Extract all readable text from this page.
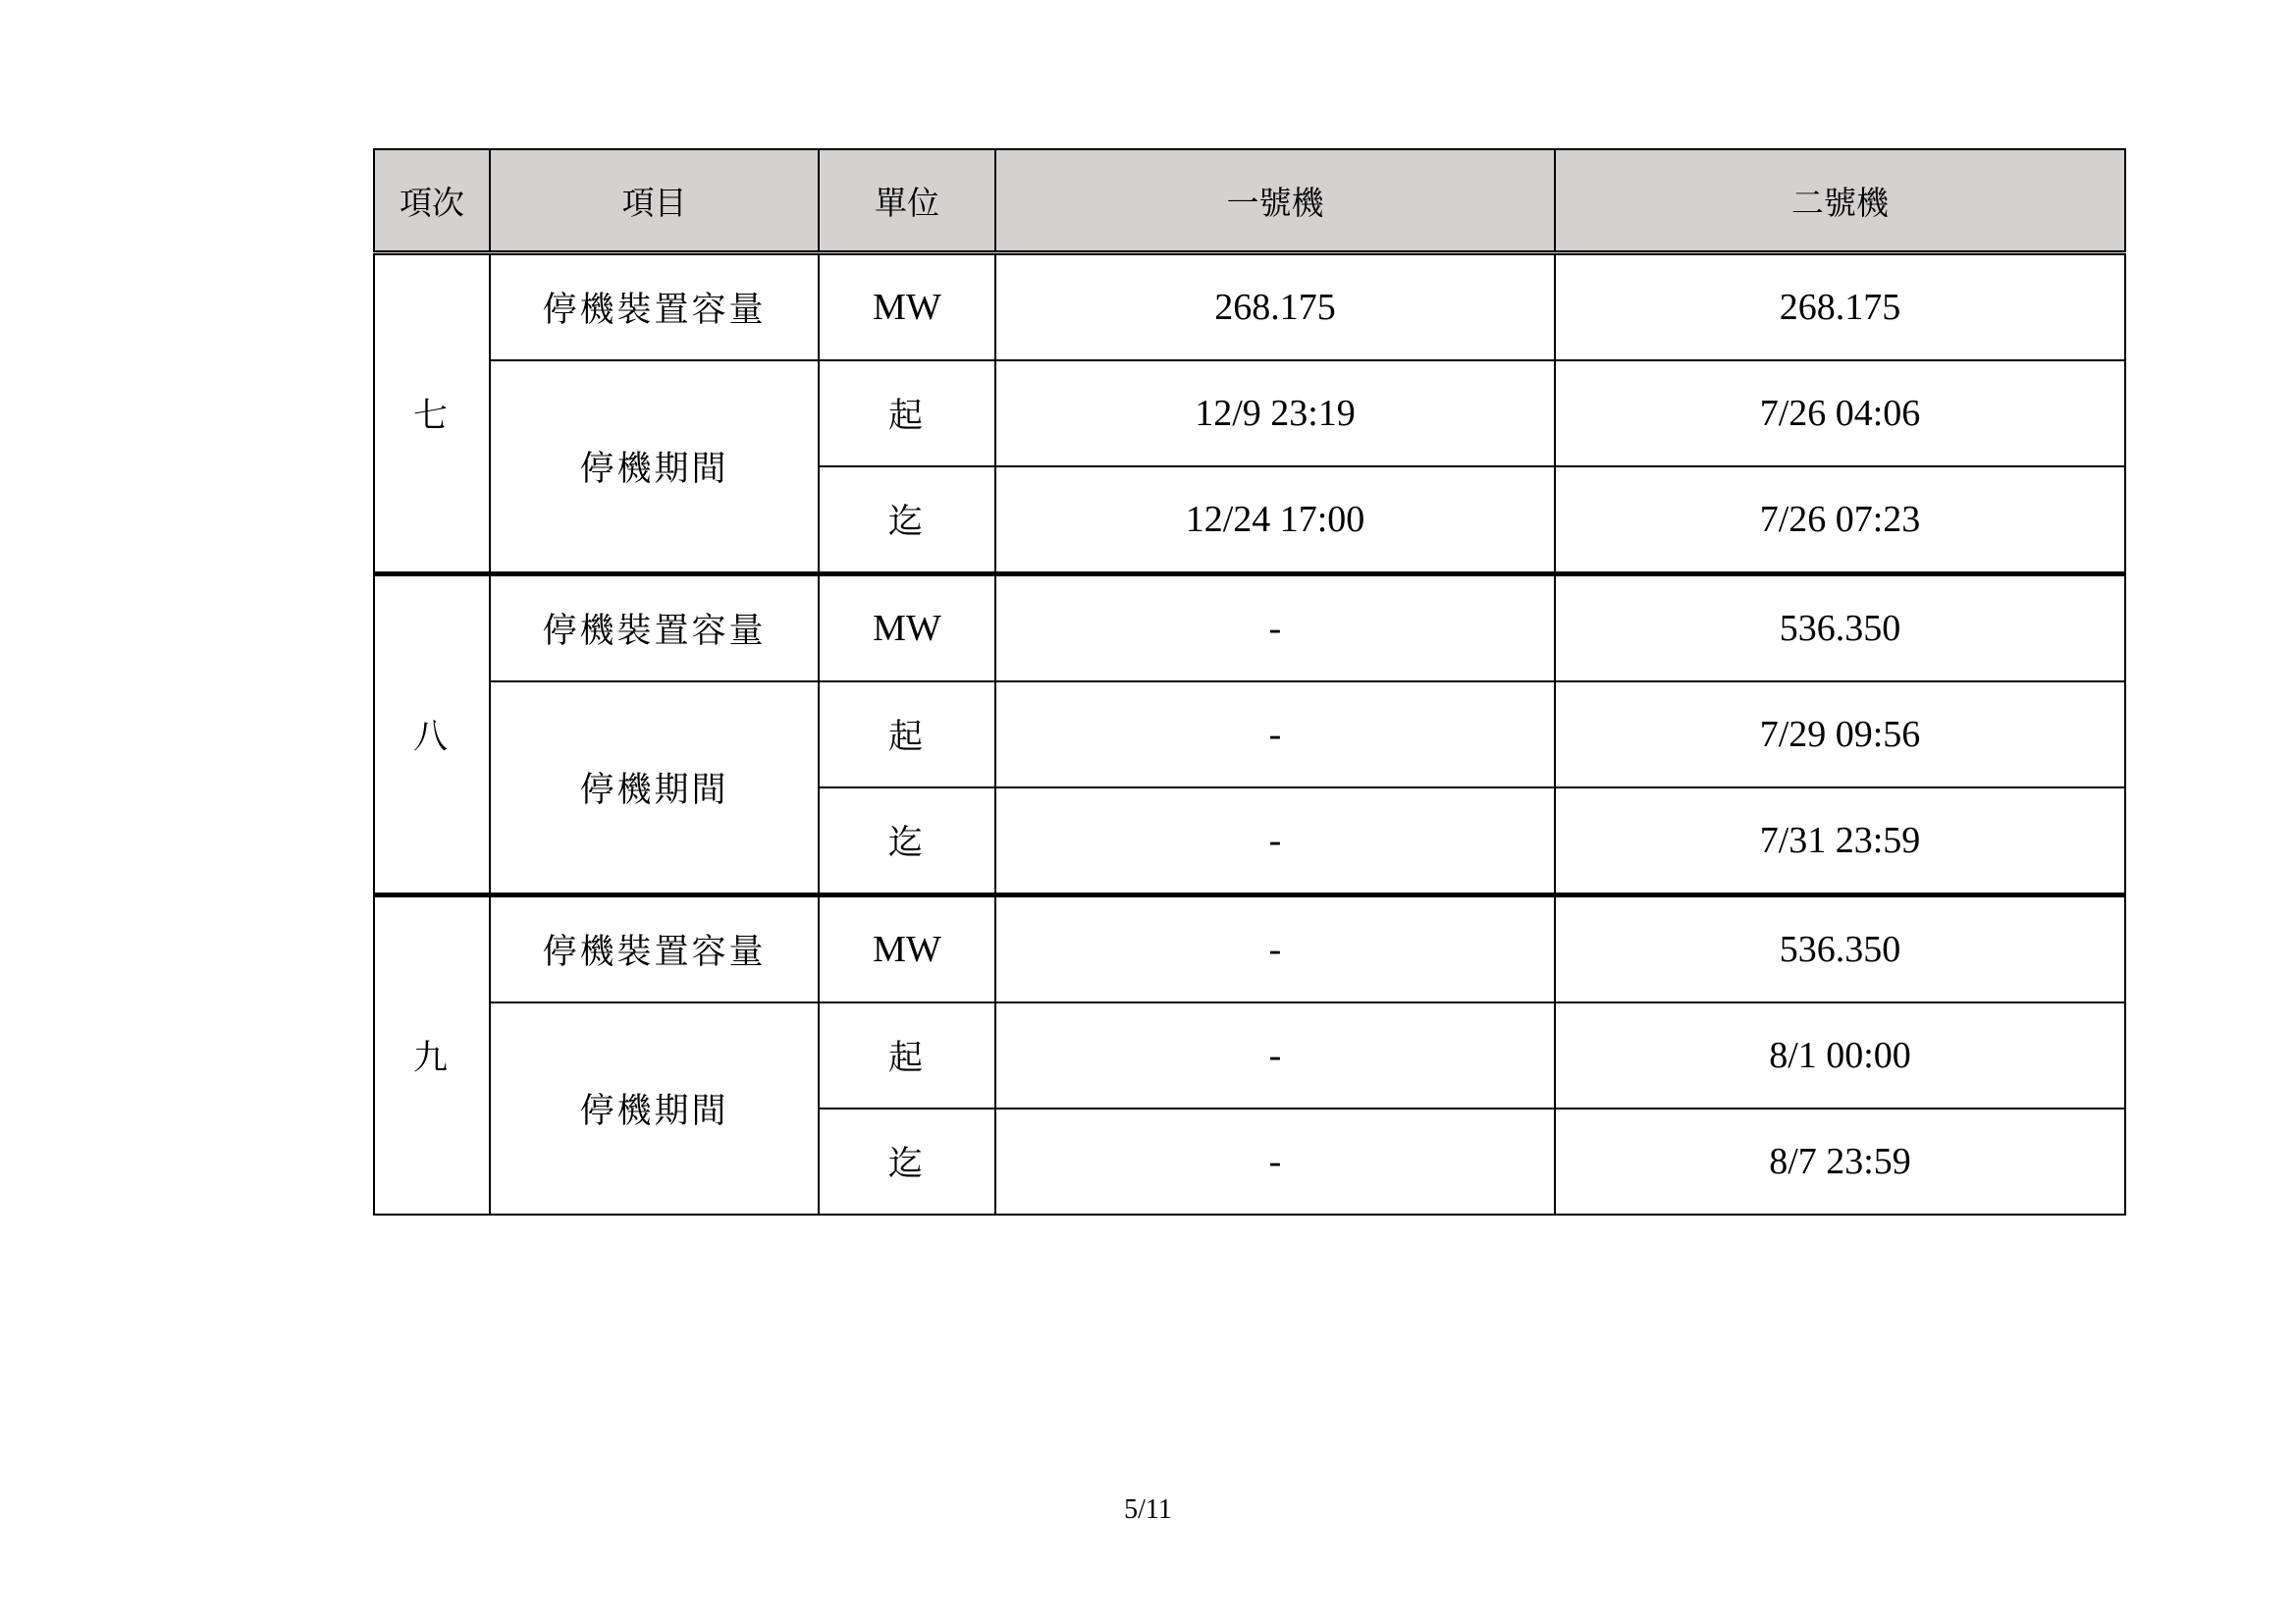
項次	項目	單位	一號機	二號機
七	停機裝置容量	MW	268.175	268.175
	停機期間	起	12/9 23:19	7/26 04:06
		迄	12/24 17:00	7/26 07:23
八	停機裝置容量	MW	-	536.350
	停機期間	起	-	7/29 09:56
		迄	-	7/31 23:59
九	停機裝置容量	MW	-	536.350
	停機期間	起	-	8/1 00:00
		迄	-	8/7 23:59
5/11
